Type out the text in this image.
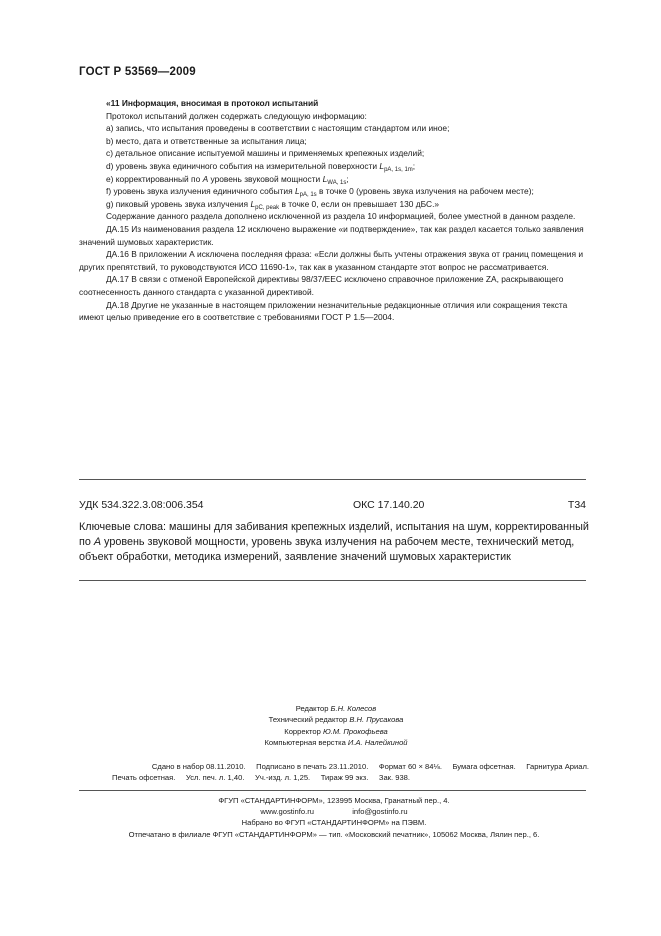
ГОСТ Р 53569—2009

«11 Информация, вносимая в протокол испытаний

Протокол испытаний должен содержать следующую информацию:

a) запись, что испытания проведены в соответствии с настоящим стандартом или иное;

b) место, дата и ответственные за испытания лица;

c) детальное описание испытуемой машины и применяемых крепежных изделий;

d) уровень звука единичного события на измерительной поверхности $L_{pA, 1s, 1m}$;

e) корректированный по A уровень звуковой мощности $L_{WA, 1s}$;

f) уровень звука излучения единичного события $L_{pA, 1s}$ в точке 0 (уровень звука излучения на рабочем месте);

g) пиковый уровень звука излучения $L_{pC, peak}$ в точке 0, если он превышает 130 дБС.»

Содержание данного раздела дополнено исключенной из раздела 10 информацией, более уместной в данном разделе.

ДА.15 Из наименования раздела 12 исключено выражение «и подтверждение», так как раздел касается только заявления значений шумовых характеристик.

ДА.16 В приложении А исключена последняя фраза: «Если должны быть учтены отражения звука от границ помещения и других препятствий, то руководствуются ИСО 11690-1», так как в указанном стандарте этот вопрос не рассматривается.

ДА.17 В связи с отменой Европейской директивы 98/37/ЕЕС исключено справочное приложение ZA, раскрывающего соотнесенность данного стандарта с указанной директивой.

ДА.18 Другие не указанные в настоящем приложении незначительные редакционные отличия или сокращения текста имеют целью приведение его в соответствие с требованиями ГОСТ Р 1.5—2004.

УДК 534.322.3.08:006.354	ОКС 17.140.20	Т34
Ключевые слова: машины для забивания крепежных изделий, испытания на шум, корректированный по A уровень звуковой мощности, уровень звука излучения на рабочем месте, технический метод, объект обработки, методика измерений, заявление значений шумовых характеристик
Редактор Б.Н. Колесов
Технический редактор В.Н. Прусакова
Корректор Ю.М. Прокофьева
Компьютерная верстка И.А. Налейкиной
Сдано в набор 08.11.2010.     Подписано в печать 23.11.2010.     Формат 60 × 84⅛.     Бумага офсетная.     Гарнитура Ариал.
Печать офсетная.     Усл. печ. л. 1,40.     Уч.-изд. л. 1,25.     Тираж 99 экз.     Зак. 938.
ФГУП «СТАНДАРТИНФОРМ», 123995 Москва, Гранатный пер., 4.
www.gostinfo.ru	info@gostinfo.ru
Набрано во ФГУП «СТАНДАРТИНФОРМ» на ПЭВМ.
Отпечатано в филиале ФГУП «СТАНДАРТИНФОРМ» — тип. «Московский печатник», 105062 Москва, Лялин пер., 6.
